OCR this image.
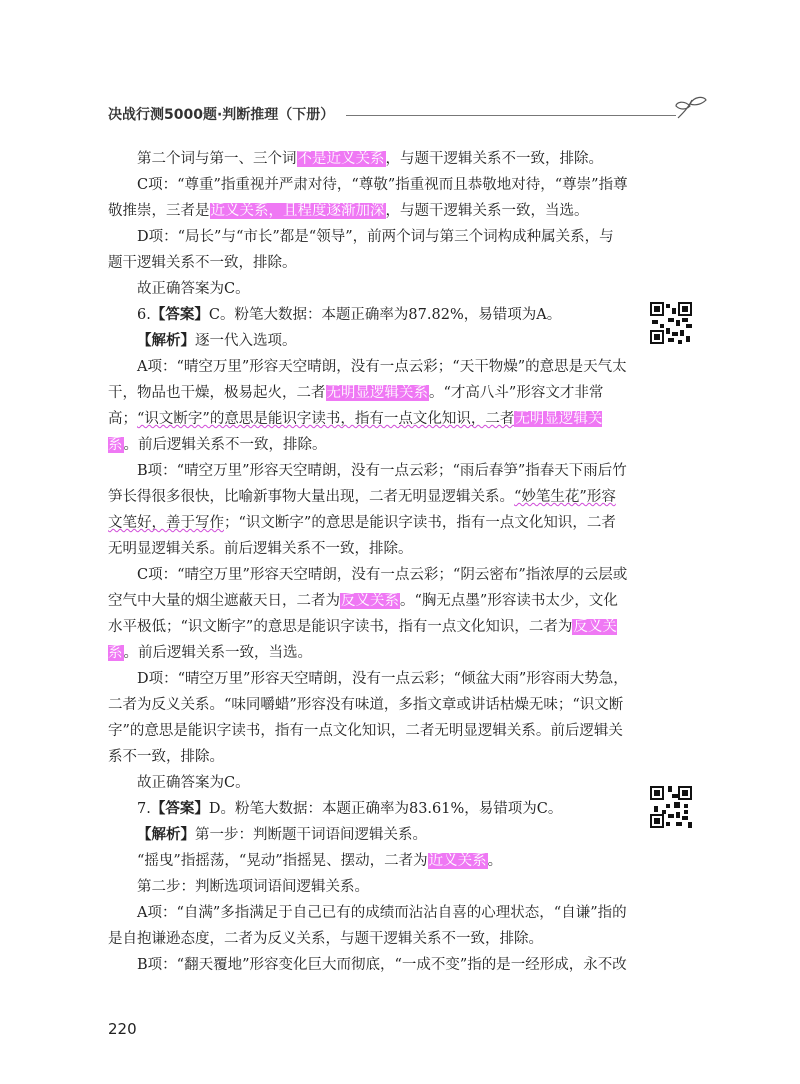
决战行测5000题·判断推理（下册）

第二个词与第一、三个词不是近义关系，与题干逻辑关系不一致，排除。

C项：“尊重”指重视并严肃对待，“尊敬”指重视而且恭敬地对待，“尊崇”指尊敬推崇，三者是近义关系，且程度逐渐加深，与题干逻辑关系一致，当选。

D项：“局长”与“市长”都是“领导”，前两个词与第三个词构成种属关系，与题干逻辑关系不一致，排除。

故正确答案为C。

6.【答案】C。粉笔大数据：本题正确率为87.82%，易错项为A。

【解析】逐一代入选项。

A项：“晴空万里”形容天空晴朗，没有一点云彩；“天干物燥”的意思是天气太干，物品也干燥，极易起火，二者无明显逻辑关系。“才高八斗”形容文才非常高；“识文断字”的意思是能识字读书，指有一点文化知识，二者无明显逻辑关系。前后逻辑关系不一致，排除。

B项：“晴空万里”形容天空晴朗，没有一点云彩；“雨后春笋”指春天下雨后竹笋长得很多很快，比喻新事物大量出现，二者无明显逻辑关系。“妙笔生花”形容文笔好，善于写作；“识文断字”的意思是能识字读书，指有一点文化知识，二者无明显逻辑关系。前后逻辑关系不一致，排除。

C项：“晴空万里”形容天空晴朗，没有一点云彩；“阴云密布”指浓厚的云层或空气中大量的烟尘遮蔽天日，二者为反义关系。“胸无点墨”形容读书太少，文化水平极低；“识文断字”的意思是能识字读书，指有一点文化知识，二者为反义关系。前后逻辑关系一致，当选。

D项：“晴空万里”形容天空晴朗，没有一点云彩；“倾盆大雨”形容雨大势急，二者为反义关系。“味同嚼蜡”形容没有味道，多指文章或讲话枯燥无味；“识文断字”的意思是能识字读书，指有一点文化知识，二者无明显逻辑关系。前后逻辑关系不一致，排除。

故正确答案为C。

7.【答案】D。粉笔大数据：本题正确率为83.61%，易错项为C。

【解析】第一步：判断题干词语间逻辑关系。

“摇曳”指摇荡，“晃动”指摇晃、摆动，二者为近义关系。

第二步：判断选项词语间逻辑关系。

A项：“自满”多指满足于自己已有的成绩而沾沾自喜的心理状态，“自谦”指的是自抱谦逊态度，二者为反义关系，与题干逻辑关系不一致，排除。

B项：“翻天覆地”形容变化巨大而彻底，“一成不变”指的是一经形成，永不改

220
